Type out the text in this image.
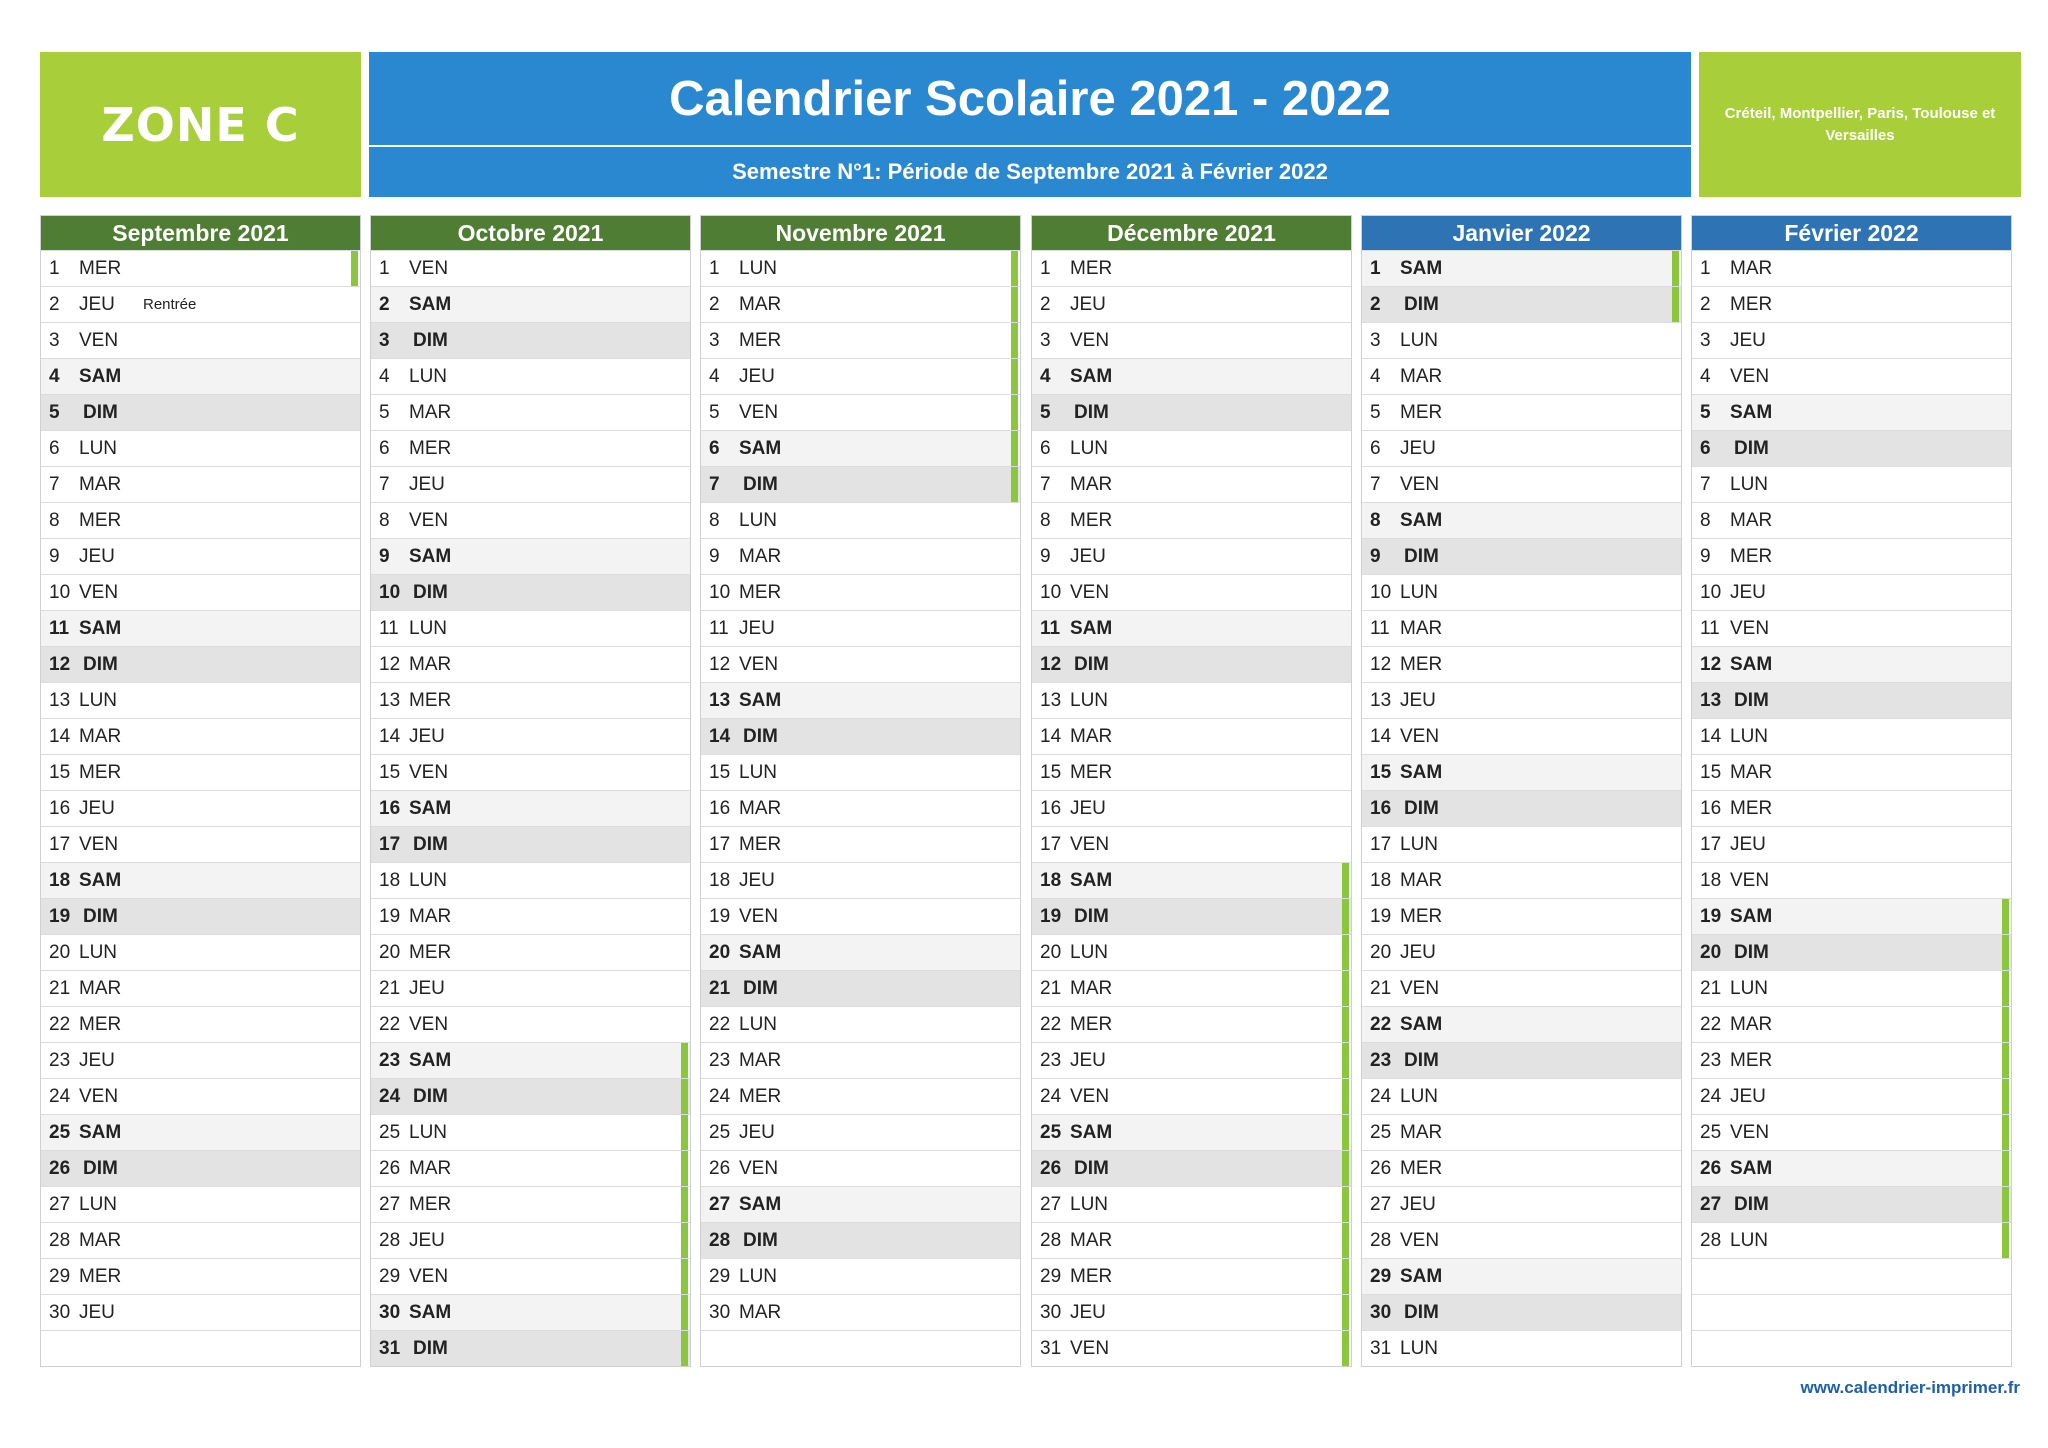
ZONE C	Calendrier Scolaire 2021 - 2022
Semestre N°1: Période de Septembre 2021 à Février 2022
Créteil, Montpellier, Paris, Toulouse et Versailles
Septembre 2021
1	MER
2	JEU	Rentrée
3	VEN
4	SAM
5	DIM
6	LUN
7	MAR
8	MER
9	JEU
10 VEN
11 SAM
12 DIM
13 LUN
14 MAR
15 MER
16 JEU
17 VEN
18 SAM
19 DIM
20 LUN
21 MAR
22 MER
23 JEU
24 VEN
25 SAM
26 DIM
27 LUN
28 MAR
29 MER
30 JEU
Octobre 2021
1	VEN
2	SAM
3	DIM
4	LUN
5	MAR
6	MER
7	JEU
8	VEN
9	SAM
10 DIM
11 LUN
12 MAR
13 MER
14 JEU
15 VEN
16 SAM
17 DIM
18 LUN
19 MAR
20 MER
21 JEU
22 VEN
23 SAM
24 DIM
25 LUN
26 MAR
27 MER
28 JEU
29 VEN
30 SAM
31 DIM
Novembre 2021
1	LUN
2	MAR
3	MER
4	JEU
5	VEN
6	SAM
7	DIM
8	LUN
9	MAR
10 MER
11 JEU
12 VEN
13 SAM
14 DIM
15 LUN
16 MAR
17 MER
18 JEU
19 VEN
20 SAM
21 DIM
22 LUN
23 MAR
24 MER
25 JEU
26 VEN
27 SAM
28 DIM
29 LUN
30 MAR
Décembre 2021
1	MER
2	JEU
3	VEN
4	SAM
5	DIM
6	LUN
7	MAR
8	MER
9	JEU
10 VEN
11 SAM
12 DIM
13 LUN
14 MAR
15 MER
16 JEU
17 VEN
18 SAM
19 DIM
20 LUN
21 MAR
22 MER
23 JEU
24 VEN
25 SAM
26 DIM
27 LUN
28 MAR
29 MER
30 JEU
31 VEN
Janvier 2022
1	SAM
2	DIM
3	LUN
4	MAR
5	MER
6	JEU
7	VEN
8	SAM
9	DIM
10 LUN
11 MAR
12 MER
13 JEU
14 VEN
15 SAM
16 DIM
17 LUN
18 MAR
19 MER
20 JEU
21 VEN
22 SAM
23 DIM
24 LUN
25 MAR
26 MER
27 JEU
28 VEN
29 SAM
30 DIM
31 LUN
Février 2022
1	MAR
2	MER
3	JEU
4	VEN
5	SAM
6	DIM
7	LUN
8	MAR
9	MER
10 JEU
11 VEN
12 SAM
13 DIM
14 LUN
15 MAR
16 MER
17 JEU
18 VEN
19 SAM
20 DIM
21 LUN
22 MAR
23 MER
24 JEU
25 VEN
26 SAM
27 DIM
28 LUN
www.calendrier-imprimer.fr
